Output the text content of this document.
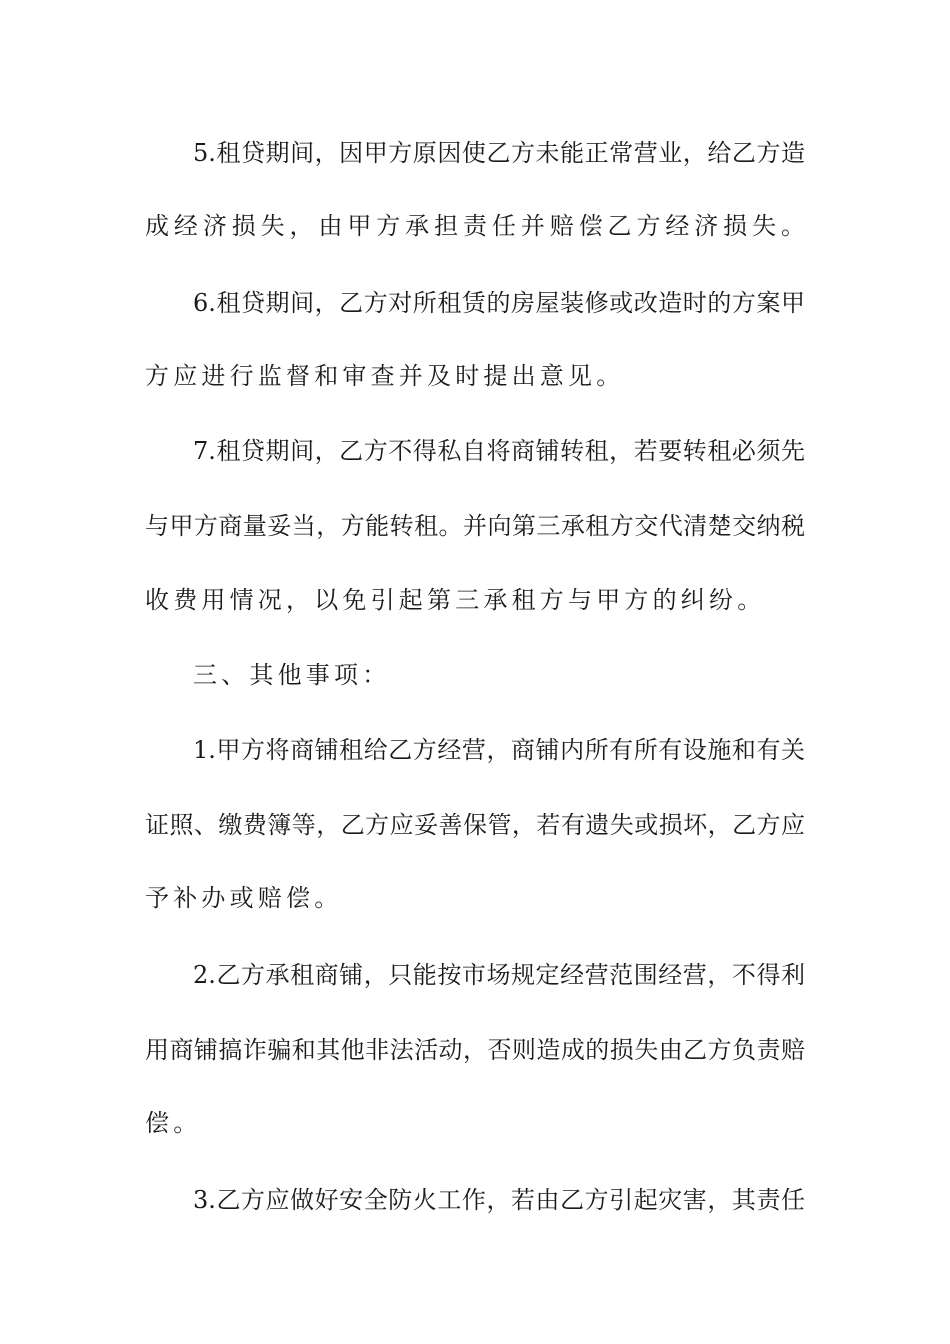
5.租贷期间，因甲方原因使乙方未能正常营业，给乙方造
成经济损失，由甲方承担责任并赔偿乙方经济损失。
6.租贷期间，乙方对所租赁的房屋装修或改造时的方案甲
方应进行监督和审查并及时提出意见。
7.租贷期间，乙方不得私自将商铺转租，若要转租必须先
与甲方商量妥当，方能转租。并向第三承租方交代清楚交纳税
收费用情况，以免引起第三承租方与甲方的纠纷。
三、其他事项：
1.甲方将商铺租给乙方经营，商铺内所有所有设施和有关
证照、缴费簿等，乙方应妥善保管，若有遗失或损坏，乙方应
予补办或赔偿。
2.乙方承租商铺，只能按市场规定经营范围经营，不得利
用商铺搞诈骗和其他非法活动，否则造成的损失由乙方负责赔
偿。
3.乙方应做好安全防火工作，若由乙方引起灾害，其责任
